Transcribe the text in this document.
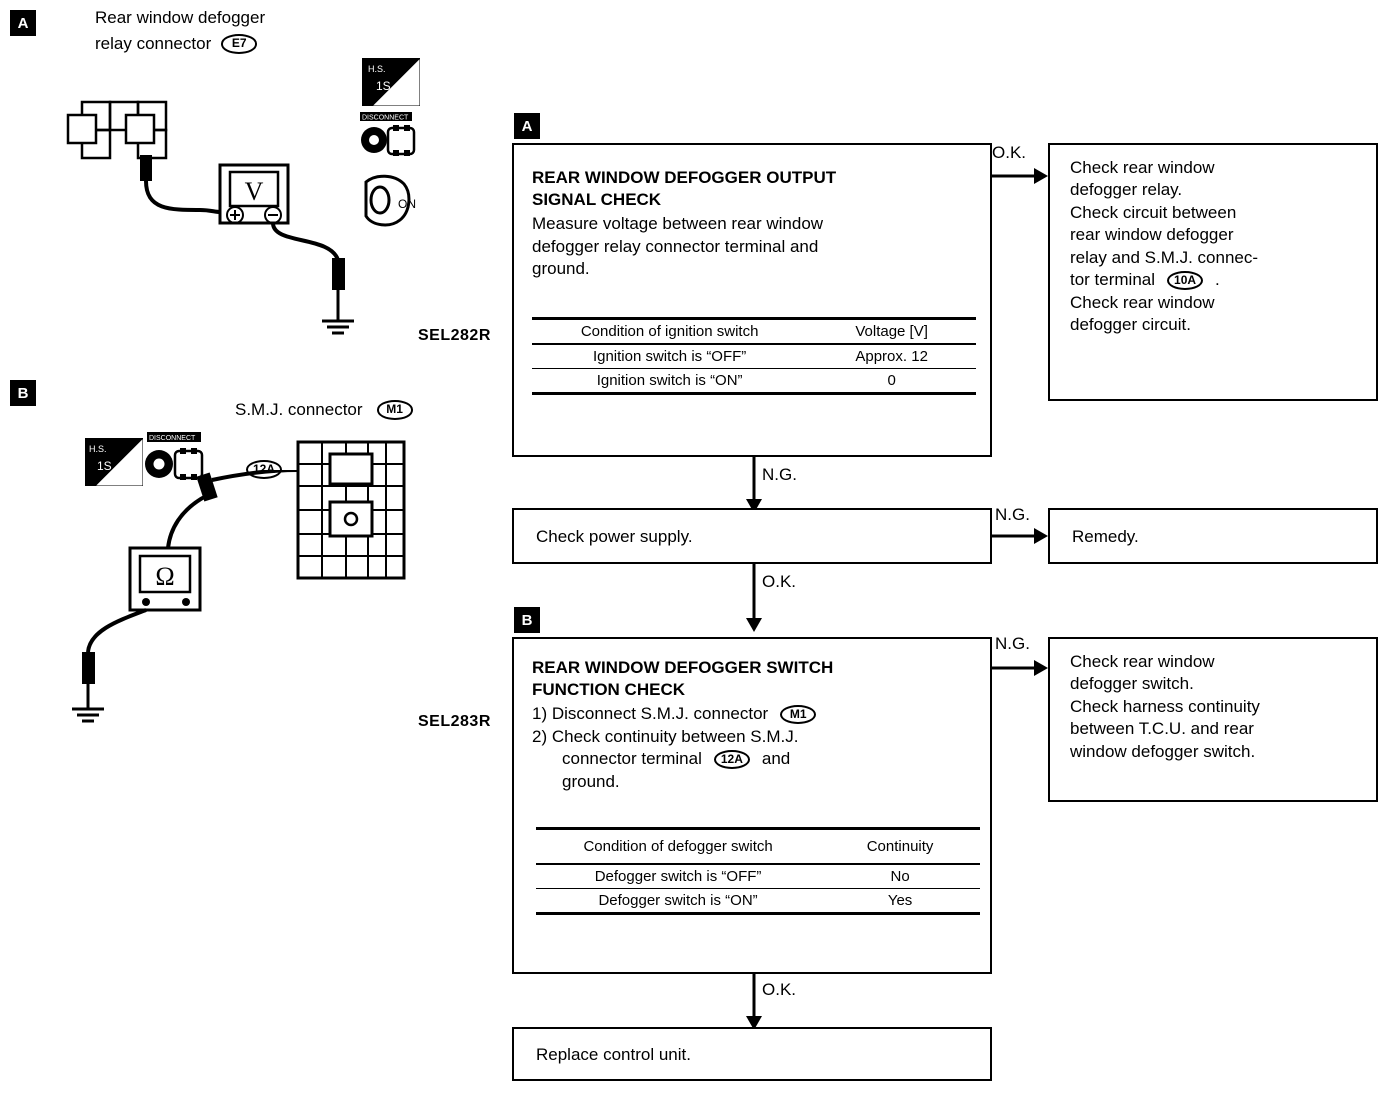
A	Rear window defogger
relay connector	E7
V
H.S.
1S
DISCONNECT
ON
SEL282R
B
S.M.J. connector	M1
H.S.
1S
DISCONNECT
Ω
12A
SEL283R
REAR WINDOW DEFOGGER OUTPUT
SIGNAL CHECK
Measure voltage between rear window
defogger relay connector terminal and
ground.
Condition of ignition switch	Voltage [V]
Ignition switch is “OFF”	Approx. 12
Ignition switch is “ON”	0
A
O.K.
Check rear window
defogger relay.
Check circuit between
rear window defogger
relay and S.M.J. connec-
tor terminal	10A	.
Check rear window
defogger circuit.
N.G.
Check power supply.
N.G.
Remedy.
O.K.
REAR WINDOW DEFOGGER SWITCH
FUNCTION CHECK
1) Disconnect S.M.J. connector	M1
2) Check continuity between S.M.J.
connector terminal	12A	and
ground.
Condition of defogger switch	Continuity
Defogger switch is “OFF”	No
Defogger switch is “ON”	Yes
B
N.G.
Check rear window
defogger switch.
Check harness continuity
between T.C.U. and rear
window defogger switch.
O.K.
Replace control unit.
